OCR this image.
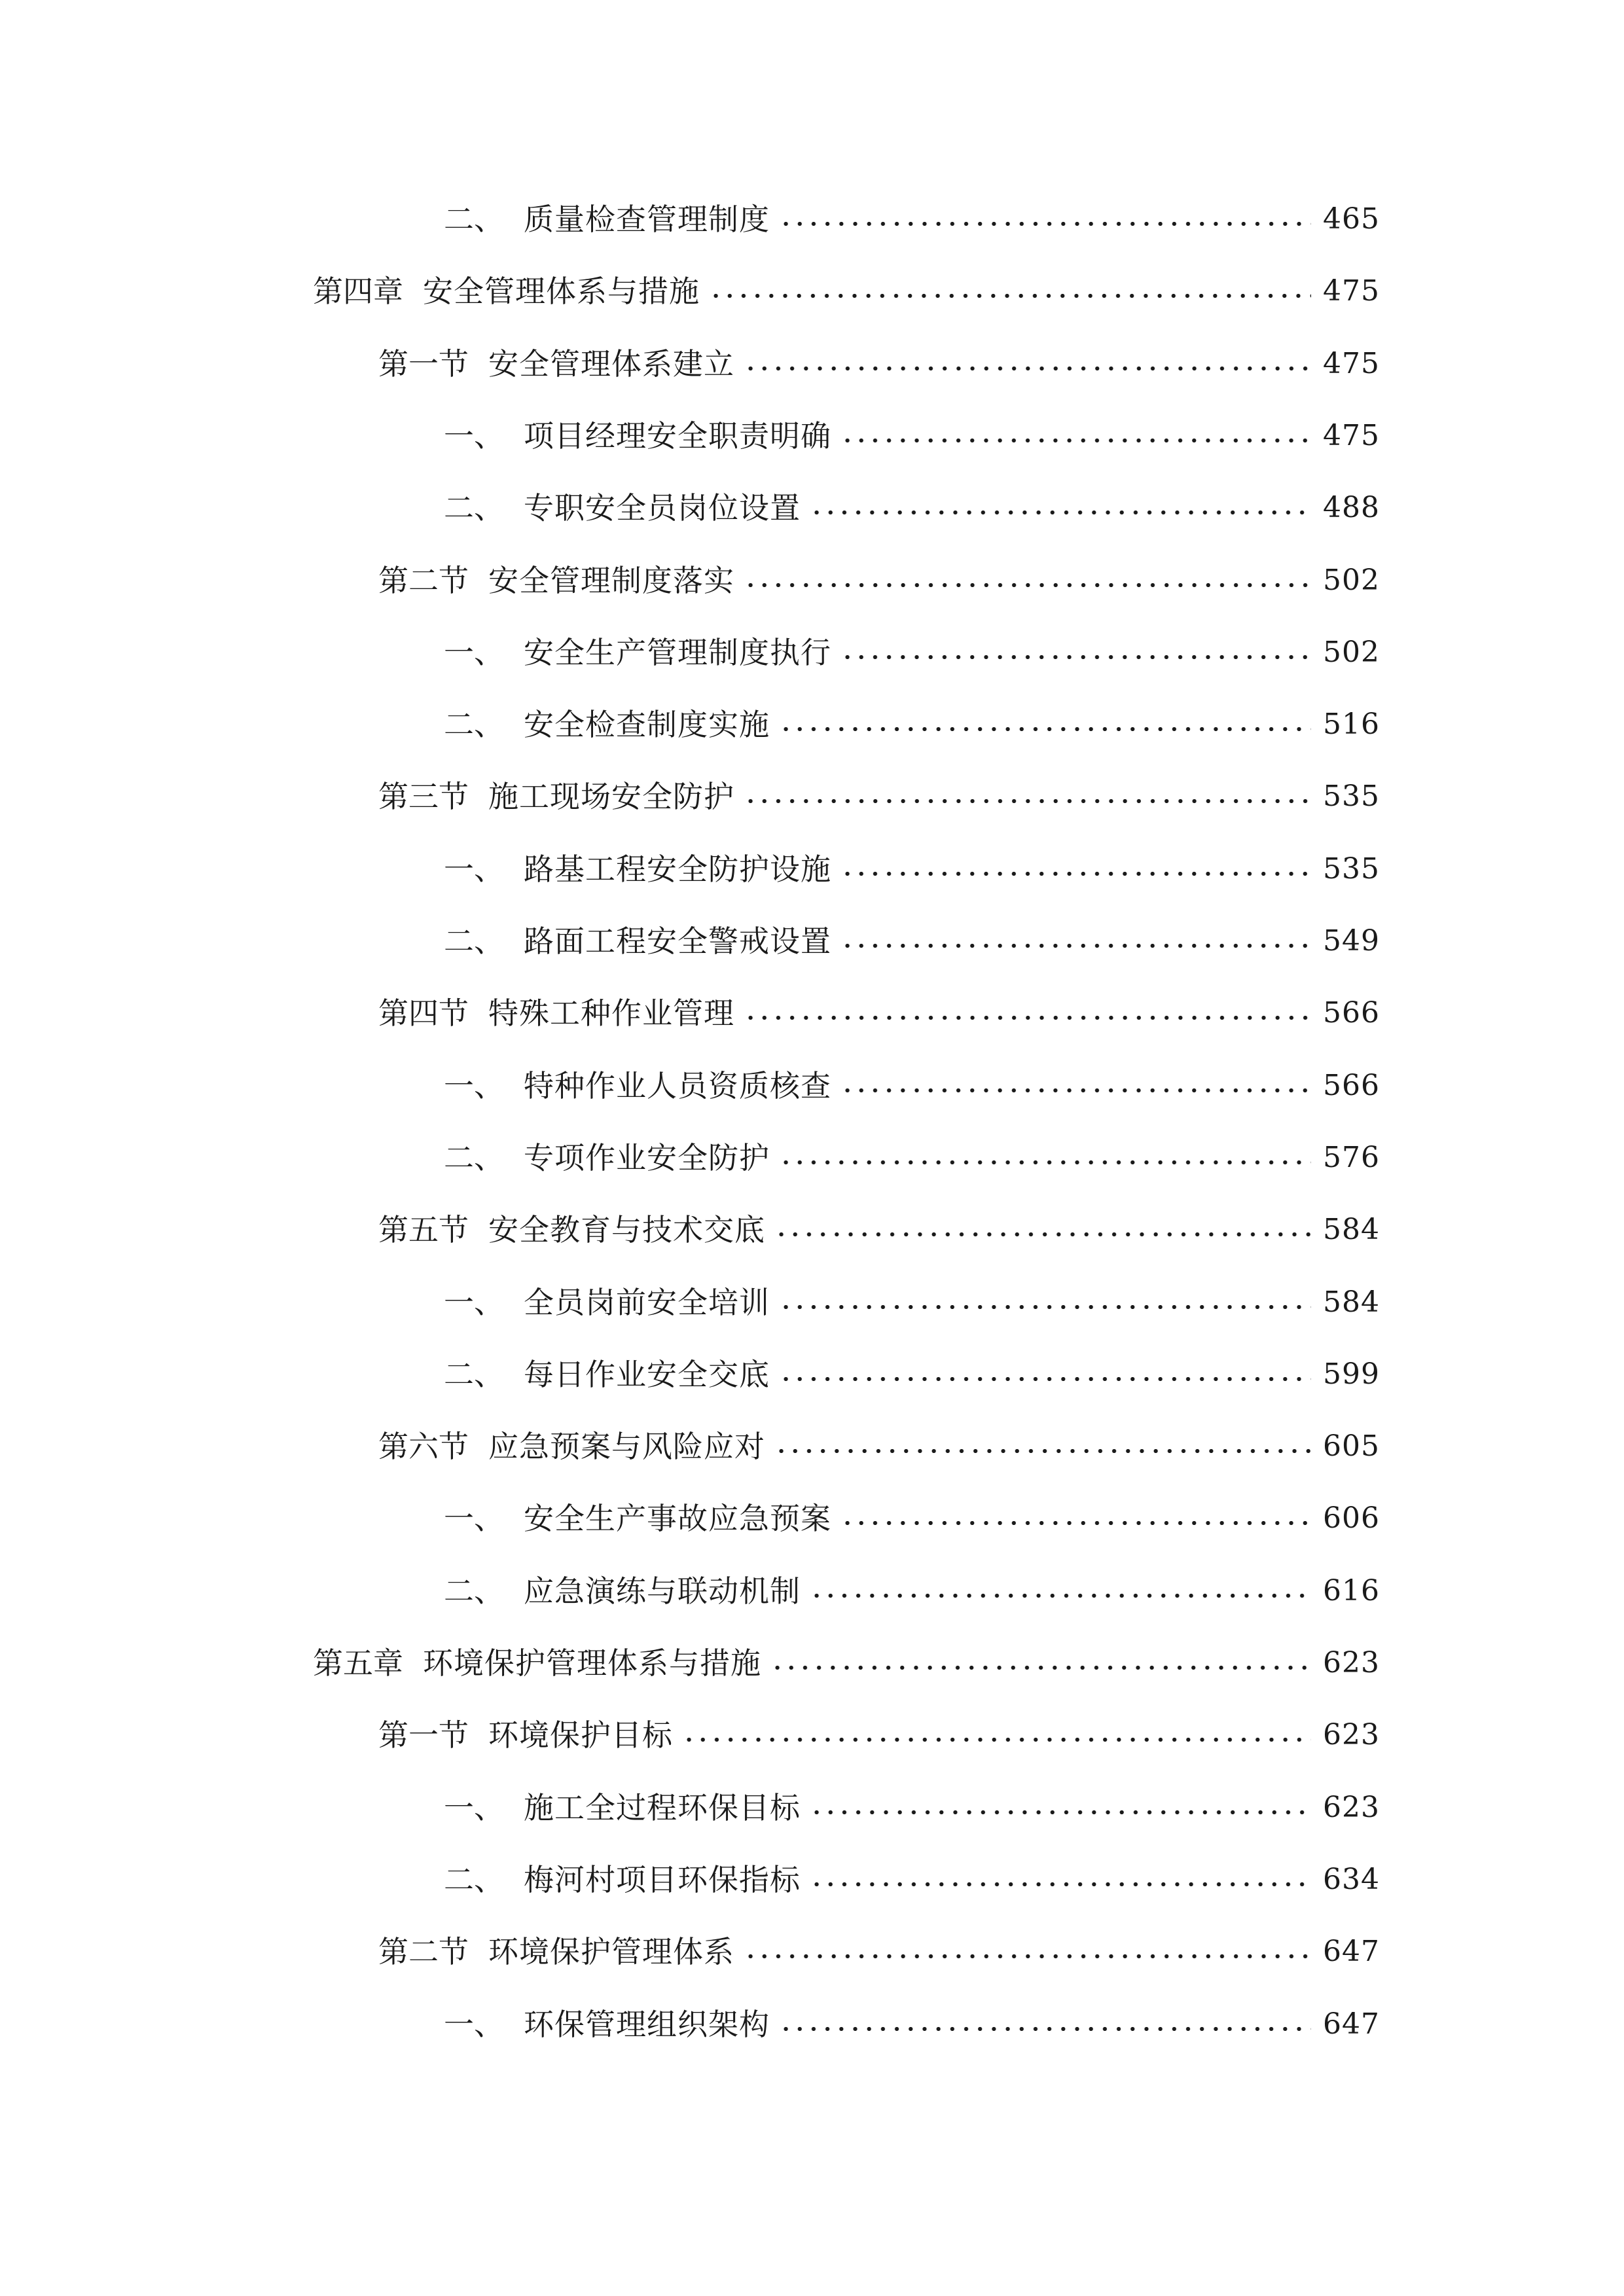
二、 质量检查管理制度	465
第四章 安全管理体系与措施	475
第一节 安全管理体系建立	475
一、 项目经理安全职责明确	475
二、 专职安全员岗位设置	488
第二节 安全管理制度落实	502
一、 安全生产管理制度执行	502
二、 安全检查制度实施	516
第三节 施工现场安全防护	535
一、 路基工程安全防护设施	535
二、 路面工程安全警戒设置	549
第四节 特殊工种作业管理	566
一、 特种作业人员资质核查	566
二、 专项作业安全防护	576
第五节 安全教育与技术交底	584
一、 全员岗前安全培训	584
二、 每日作业安全交底	599
第六节 应急预案与风险应对	605
一、 安全生产事故应急预案	606
二、 应急演练与联动机制	616
第五章 环境保护管理体系与措施	623
第一节 环境保护目标	623
一、 施工全过程环保目标	623
二、 梅河村项目环保指标	634
第二节 环境保护管理体系	647
一、 环保管理组织架构	647
